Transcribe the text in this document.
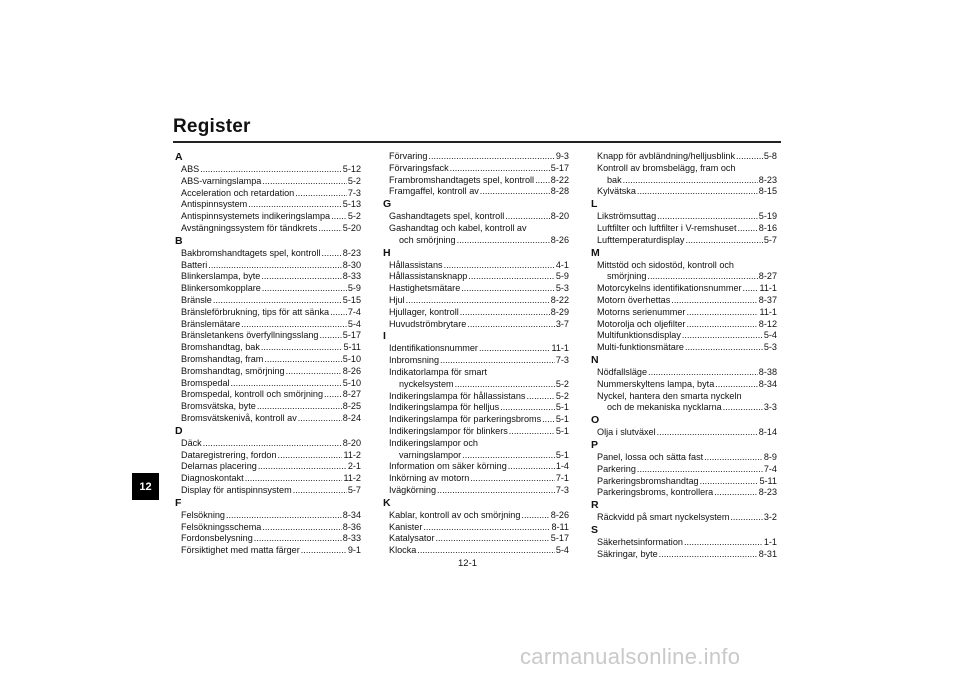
Register
12
A
ABS .....	5-12
ABS-varningslampa .....	5-2
Acceleration och retardation .....	7-3
Antispinnsystem .....	5-13
Antispinnsystemets indikeringslampa ..... 5-2
Avstängningssystem för tändkrets .....	5-20
B
Bakbromshandtagets spel, kontroll ..... 8-23
Batteri .....	8-30
Blinkerslampa, byte .....	8-33
Blinkersomkopplare .....	5-9
Bränsle .....	5-15
Bränsleförbrukning, tips för att sänka ..... 7-4
Bränslemätare .....	5-4
Bränsletankens överfyllningsslang .....	5-17
Bromshandtag, bak .....	5-11
Bromshandtag, fram .....	5-10
Bromshandtag, smörjning .....	8-26
Bromspedal .....	5-10
Bromspedal, kontroll och smörjning ..... 8-27
Bromsvätska, byte .....	8-25
Bromsvätskenivå, kontroll av .....	8-24
D
Däck .....	8-20
Dataregistrering, fordon .....	11-2
Delarnas placering .....	2-1
Diagnoskontakt .....	11-2
Display för antispinnsystem .....	5-7
F
Felsökning .....	8-34
Felsökningsschema .....	8-36
Fordonsbelysning .....	8-33
Försiktighet med matta färger .....	9-1
Förvaring .....	9-3
Förvaringsfack .....	5-17
Frambromshandtagets spel, kontroll ..... 8-22
Framgaffel, kontroll av .....	8-28
G
Gashandtagets spel, kontroll .....	8-20
Gashandtag och kabel, kontroll av
och smörjning .....	8-26
H
Hållassistans .....	4-1
Hållassistansknapp .....	5-9
Hastighetsmätare .....	5-3
Hjul .....	8-22
Hjullager, kontroll .....	8-29
Huvudströmbrytare .....	3-7
I
Identifikationsnummer .....	11-1
Inbromsning .....	7-3
Indikatorlampa för smart
nyckelsystem .....	5-2
Indikeringslampa för hållassistans .....	5-2
Indikeringslampa för helljus .....	5-1
Indikeringslampa för parkeringsbroms ..... 5-1
Indikeringslampor för blinkers .....	5-1
Indikeringslampor och
varningslampor .....	5-1
Information om säker körning .....	1-4
Inkörning av motorn .....	7-1
Ivägkörning .....	7-3
K
Kablar, kontroll av och smörjning .....	8-26
Kanister .....	8-11
Katalysator .....	5-17
Klocka .....	5-4
Knapp för avbländning/helljusblink .....	5-8
Kontroll av bromsbelägg, fram och
bak .....	8-23
Kylvätska .....	8-15
L
Likströmsuttag .....	5-19
Luftfilter och luftfilter i V-remshuset ..... 8-16
Lufttemperaturdisplay .....	5-7
M
Mittstöd och sidostöd, kontroll och
smörjning .....	8-27
Motorcykelns identifikationsnummer ..... 11-1
Motorn överhettas .....	8-37
Motorns serienummer .....	11-1
Motorolja och oljefilter .....	8-12
Multifunktionsdisplay .....	5-4
Multi-funktionsmätare .....	5-3
N
Nödfallsläge .....	8-38
Nummerskyltens lampa, byta .....	8-34
Nyckel, hantera den smarta nyckeln
och de mekaniska nycklarna .....	3-3
O
Olja i slutväxel .....	8-14
P
Panel, lossa och sätta fast .....	8-9
Parkering .....	7-4
Parkeringsbromshandtag .....	5-11
Parkeringsbroms, kontrollera .....	8-23
R
Räckvidd på smart nyckelsystem .....	3-2
S
Säkerhetsinformation .....	1-1
Säkringar, byte .....	8-31
12-1
carmanualsonline.info
